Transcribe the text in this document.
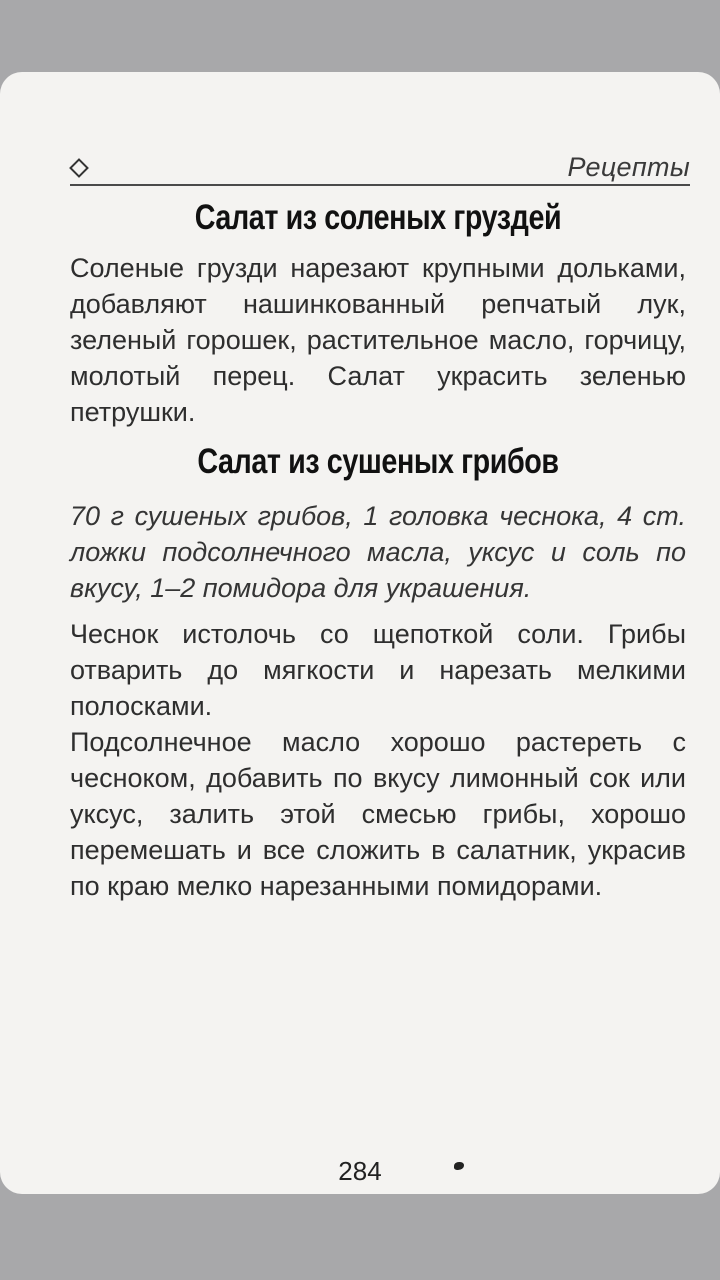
Рецепты
Салат из соленых груздей

Соленые грузди нарезают крупными дольками, добавляют нашинкованный репчатый лук, зеленый горошек, растительное масло, горчицу, молотый перец. Салат украсить зеленью петрушки.

Салат из сушеных грибов

70 г сушеных грибов, 1 головка чеснока, 4 ст. ложки подсолнечного масла, уксус и соль по вкусу, 1–2 помидора для украшения.

Чеснок истолочь со щепоткой соли. Грибы отварить до мягкости и нарезать мелкими полосками.

Подсолнечное масло хорошо растереть с чесноком, добавить по вкусу лимонный сок или уксус, залить этой смесью грибы, хорошо перемешать и все сложить в салатник, украсив по краю мелко нарезанными помидорами.

284
